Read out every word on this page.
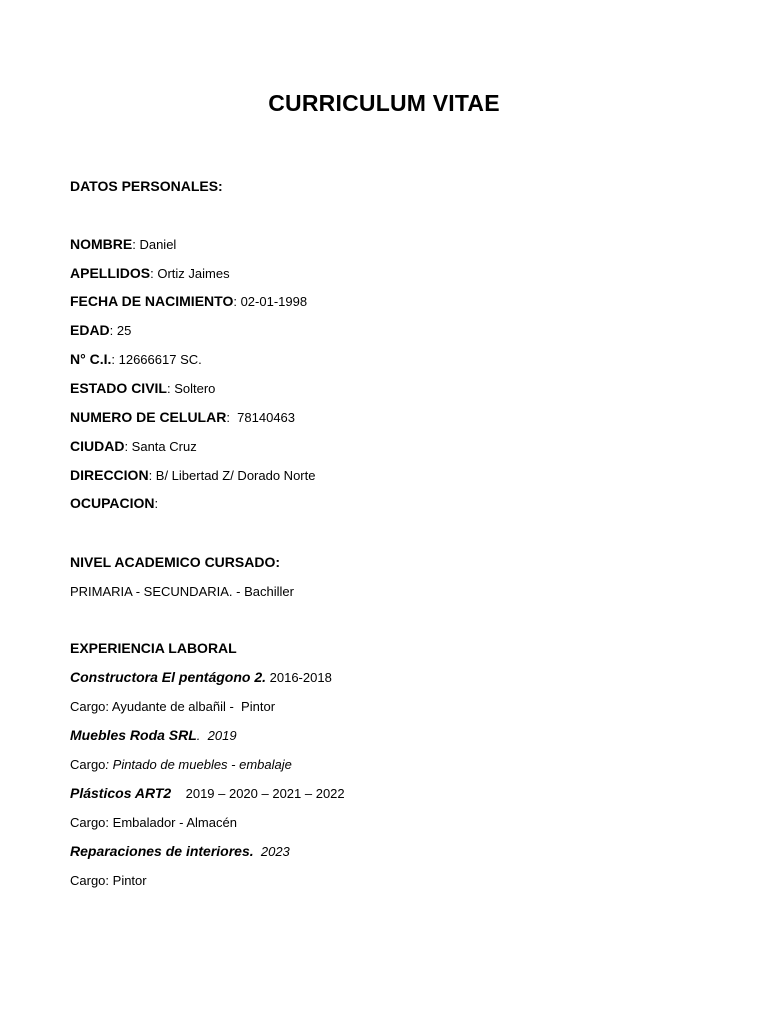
CURRICULUM VITAE
DATOS PERSONALES:
NOMBRE: Daniel
APELLIDOS: Ortiz Jaimes
FECHA DE NACIMIENTO: 02-01-1998
EDAD: 25
N° C.I.: 12666617 SC.
ESTADO CIVIL: Soltero
NUMERO DE CELULAR:  78140463
CIUDAD: Santa Cruz
DIRECCION: B/ Libertad Z/ Dorado Norte
OCUPACION:
NIVEL ACADEMICO CURSADO:
PRIMARIA - SECUNDARIA. - Bachiller
EXPERIENCIA LABORAL
Constructora El pentágono 2. 2016-2018
Cargo: Ayudante de albañil -  Pintor
Muebles Roda SRL.  2019
Cargo: Pintado de muebles - embalaje
Plásticos ART2    2019 – 2020 – 2021 – 2022
Cargo: Embalador - Almacén
Reparaciones de interiores.  2023
Cargo: Pintor
